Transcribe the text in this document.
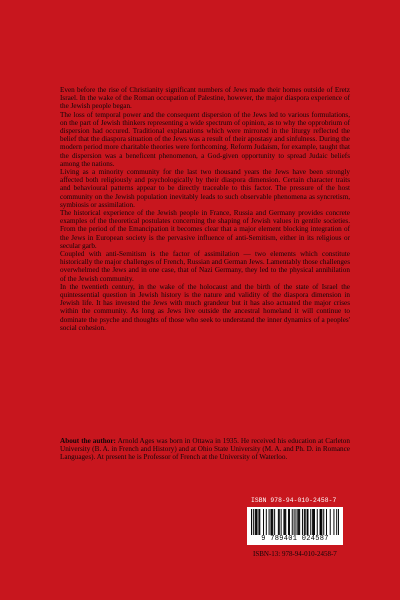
Even before the rise of Christianity significant numbers of Jews made their homes outside of Eretz Israel. In the wake of the Roman occupation of Palestine, however, the major diaspora experience of the Jewish people began.

The loss of temporal power and the consequent dispersion of the Jews led to various formulations, on the part of Jewish thinkers representing a wide spectrum of opinion, as to why the opprobrium of dispersion had occured. Traditional explanations which were mirrored in the liturgy reflected the belief that the diaspora situation of the Jews was a result of their apostasy and sinfulness. During the modern period more charitable theories were forthcoming. Reform Judaism, for example, taught that the dispersion was a beneficent phenomenon, a God-given opportunity to spread Judaic beliefs among the nations.

Living as a minority community for the last two thousand years the Jews have been strongly affected both religiously and psychologically by their diaspora dimension. Certain character traits and behavioural patterns appear to be directly traceable to this factor. The pressure of the host community on the Jewish population inevitably leads to such observable phenomena as syncretism, symbiosis or assimilation.

The historical experience of the Jewish people in France, Russia and Germany provides concrete examples of the theoretical postulates concerning the shaping of Jewish values in gentile societies. From the period of the Emancipation it becomes clear that a major element blocking integration of the Jews in European society is the pervasive influence of anti-Semitism, either in its religious or secular garb.

Coupled with anti-Semitism is the factor of assimilation — two elements which constitute historically the major challenges of French, Russian and German Jews. Lamentably those challenges overwhelmed the Jews and in one case, that of Nazi Germany, they led to the physical annihilation of the Jewish community.

In the twentieth century, in the wake of the holocaust and the birth of the state of Israel the quintessential question in Jewish history is the nature and validity of the diaspora dimension in Jewish life. It has invested the Jews with much grandeur but it has also actuated the major crises within the community. As long as Jews live outside the ancestral homeland it will continue to dominate the psyche and thoughts of those who seek to understand the inner dynamics of a peoples' social cohesion.

About the author: Arnold Ages was born in Ottawa in 1935. He received his education at Carleton University (B. A. in French and History) and at Ohio State University (M. A. and Ph. D. in Romance Languages). At present he is Professor of French at the University of Waterloo.

ISBN 978-94-010-2458-7
9 789401 024587
ISBN-13: 978-94-010-2458-7
